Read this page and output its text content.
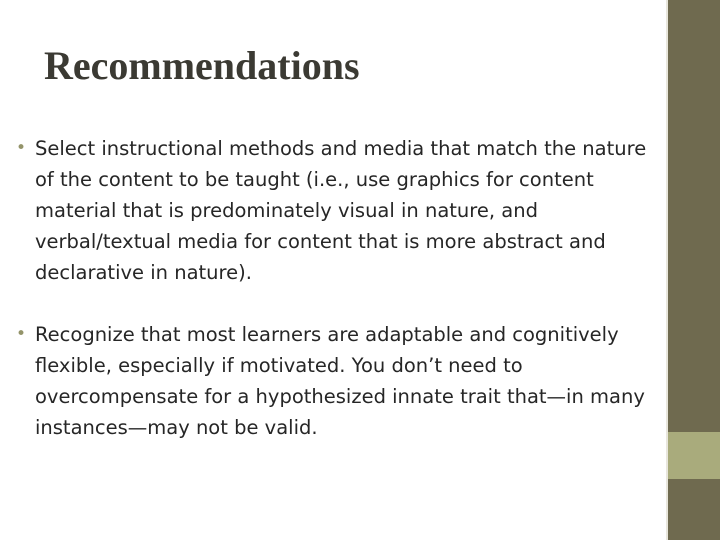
Recommendations
• Select instructional methods and media that match the nature of the content to be taught (i.e., use graphics for content material that is predominately visual in nature, and verbal/textual media for content that is more abstract and declarative in nature).
• Recognize that most learners are adaptable and cognitively flexible, especially if motivated. You don’t need to overcompensate for a hypothesized innate trait that—in many instances—may not be valid.
